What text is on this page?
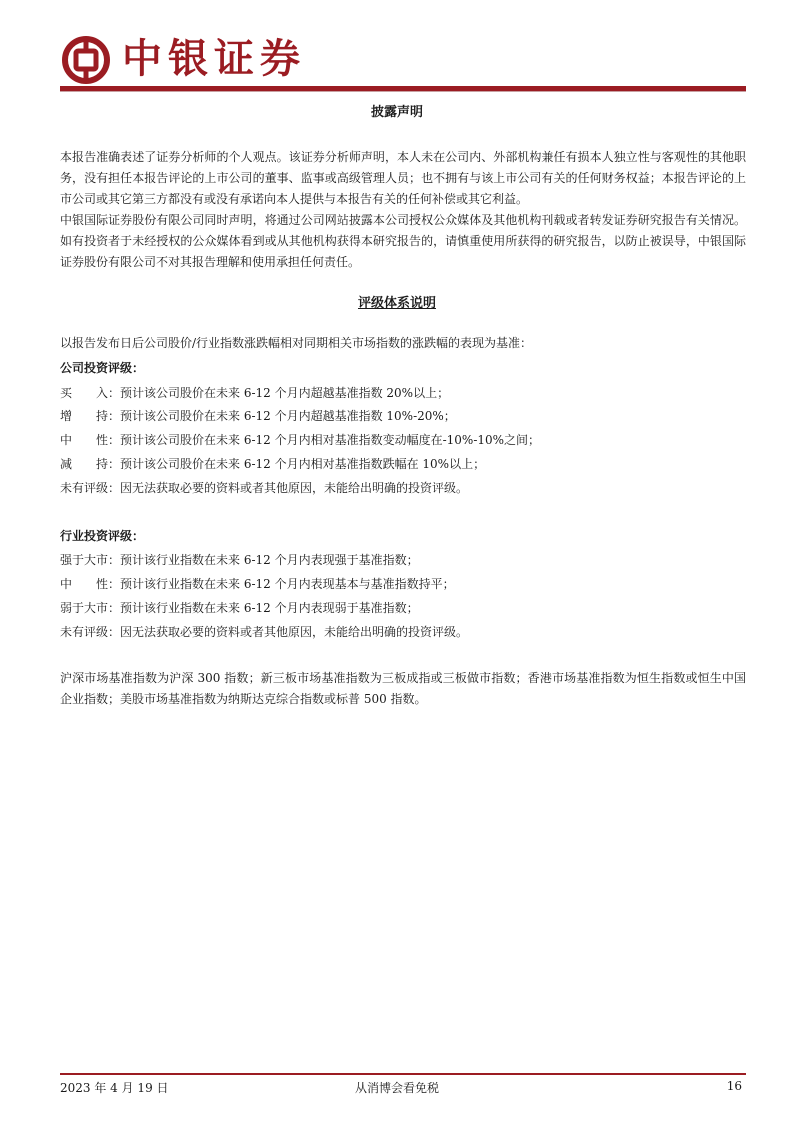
中银证券
披露声明
本报告准确表述了证券分析师的个人观点。该证券分析师声明，本人未在公司内、外部机构兼任有损本人独立性与客观性的其他职务，没有担任本报告评论的上市公司的董事、监事或高级管理人员；也不拥有与该上市公司有关的任何财务权益；本报告评论的上市公司或其它第三方都没有或没有承诺向本人提供与本报告有关的任何补偿或其它利益。
中银国际证券股份有限公司同时声明，将通过公司网站披露本公司授权公众媒体及其他机构刊载或者转发证券研究报告有关情况。如有投资者于未经授权的公众媒体看到或从其他机构获得本研究报告的，请慎重使用所获得的研究报告，以防止被误导，中银国际证券股份有限公司不对其报告理解和使用承担任何责任。
评级体系说明
以报告发布日后公司股价/行业指数涨跌幅相对同期相关市场指数的涨跌幅的表现为基准：
公司投资评级：
买　　入：预计该公司股价在未来 6-12 个月内超越基准指数 20%以上；
增　　持：预计该公司股价在未来 6-12 个月内超越基准指数 10%-20%；
中　　性：预计该公司股价在未来 6-12 个月内相对基准指数变动幅度在-10%-10%之间；
减　　持：预计该公司股价在未来 6-12 个月内相对基准指数跌幅在 10%以上；
未有评级：因无法获取必要的资料或者其他原因，未能给出明确的投资评级。
行业投资评级：
强于大市：预计该行业指数在未来 6-12 个月内表现强于基准指数；
中　　性：预计该行业指数在未来 6-12 个月内表现基本与基准指数持平；
弱于大市：预计该行业指数在未来 6-12 个月内表现弱于基准指数；
未有评级：因无法获取必要的资料或者其他原因，未能给出明确的投资评级。
沪深市场基准指数为沪深 300 指数；新三板市场基准指数为三板成指或三板做市指数；香港市场基准指数为恒生指数或恒生中国企业指数；美股市场基准指数为纳斯达克综合指数或标普 500 指数。
2023 年 4 月 19 日	从消博会看免税	16
